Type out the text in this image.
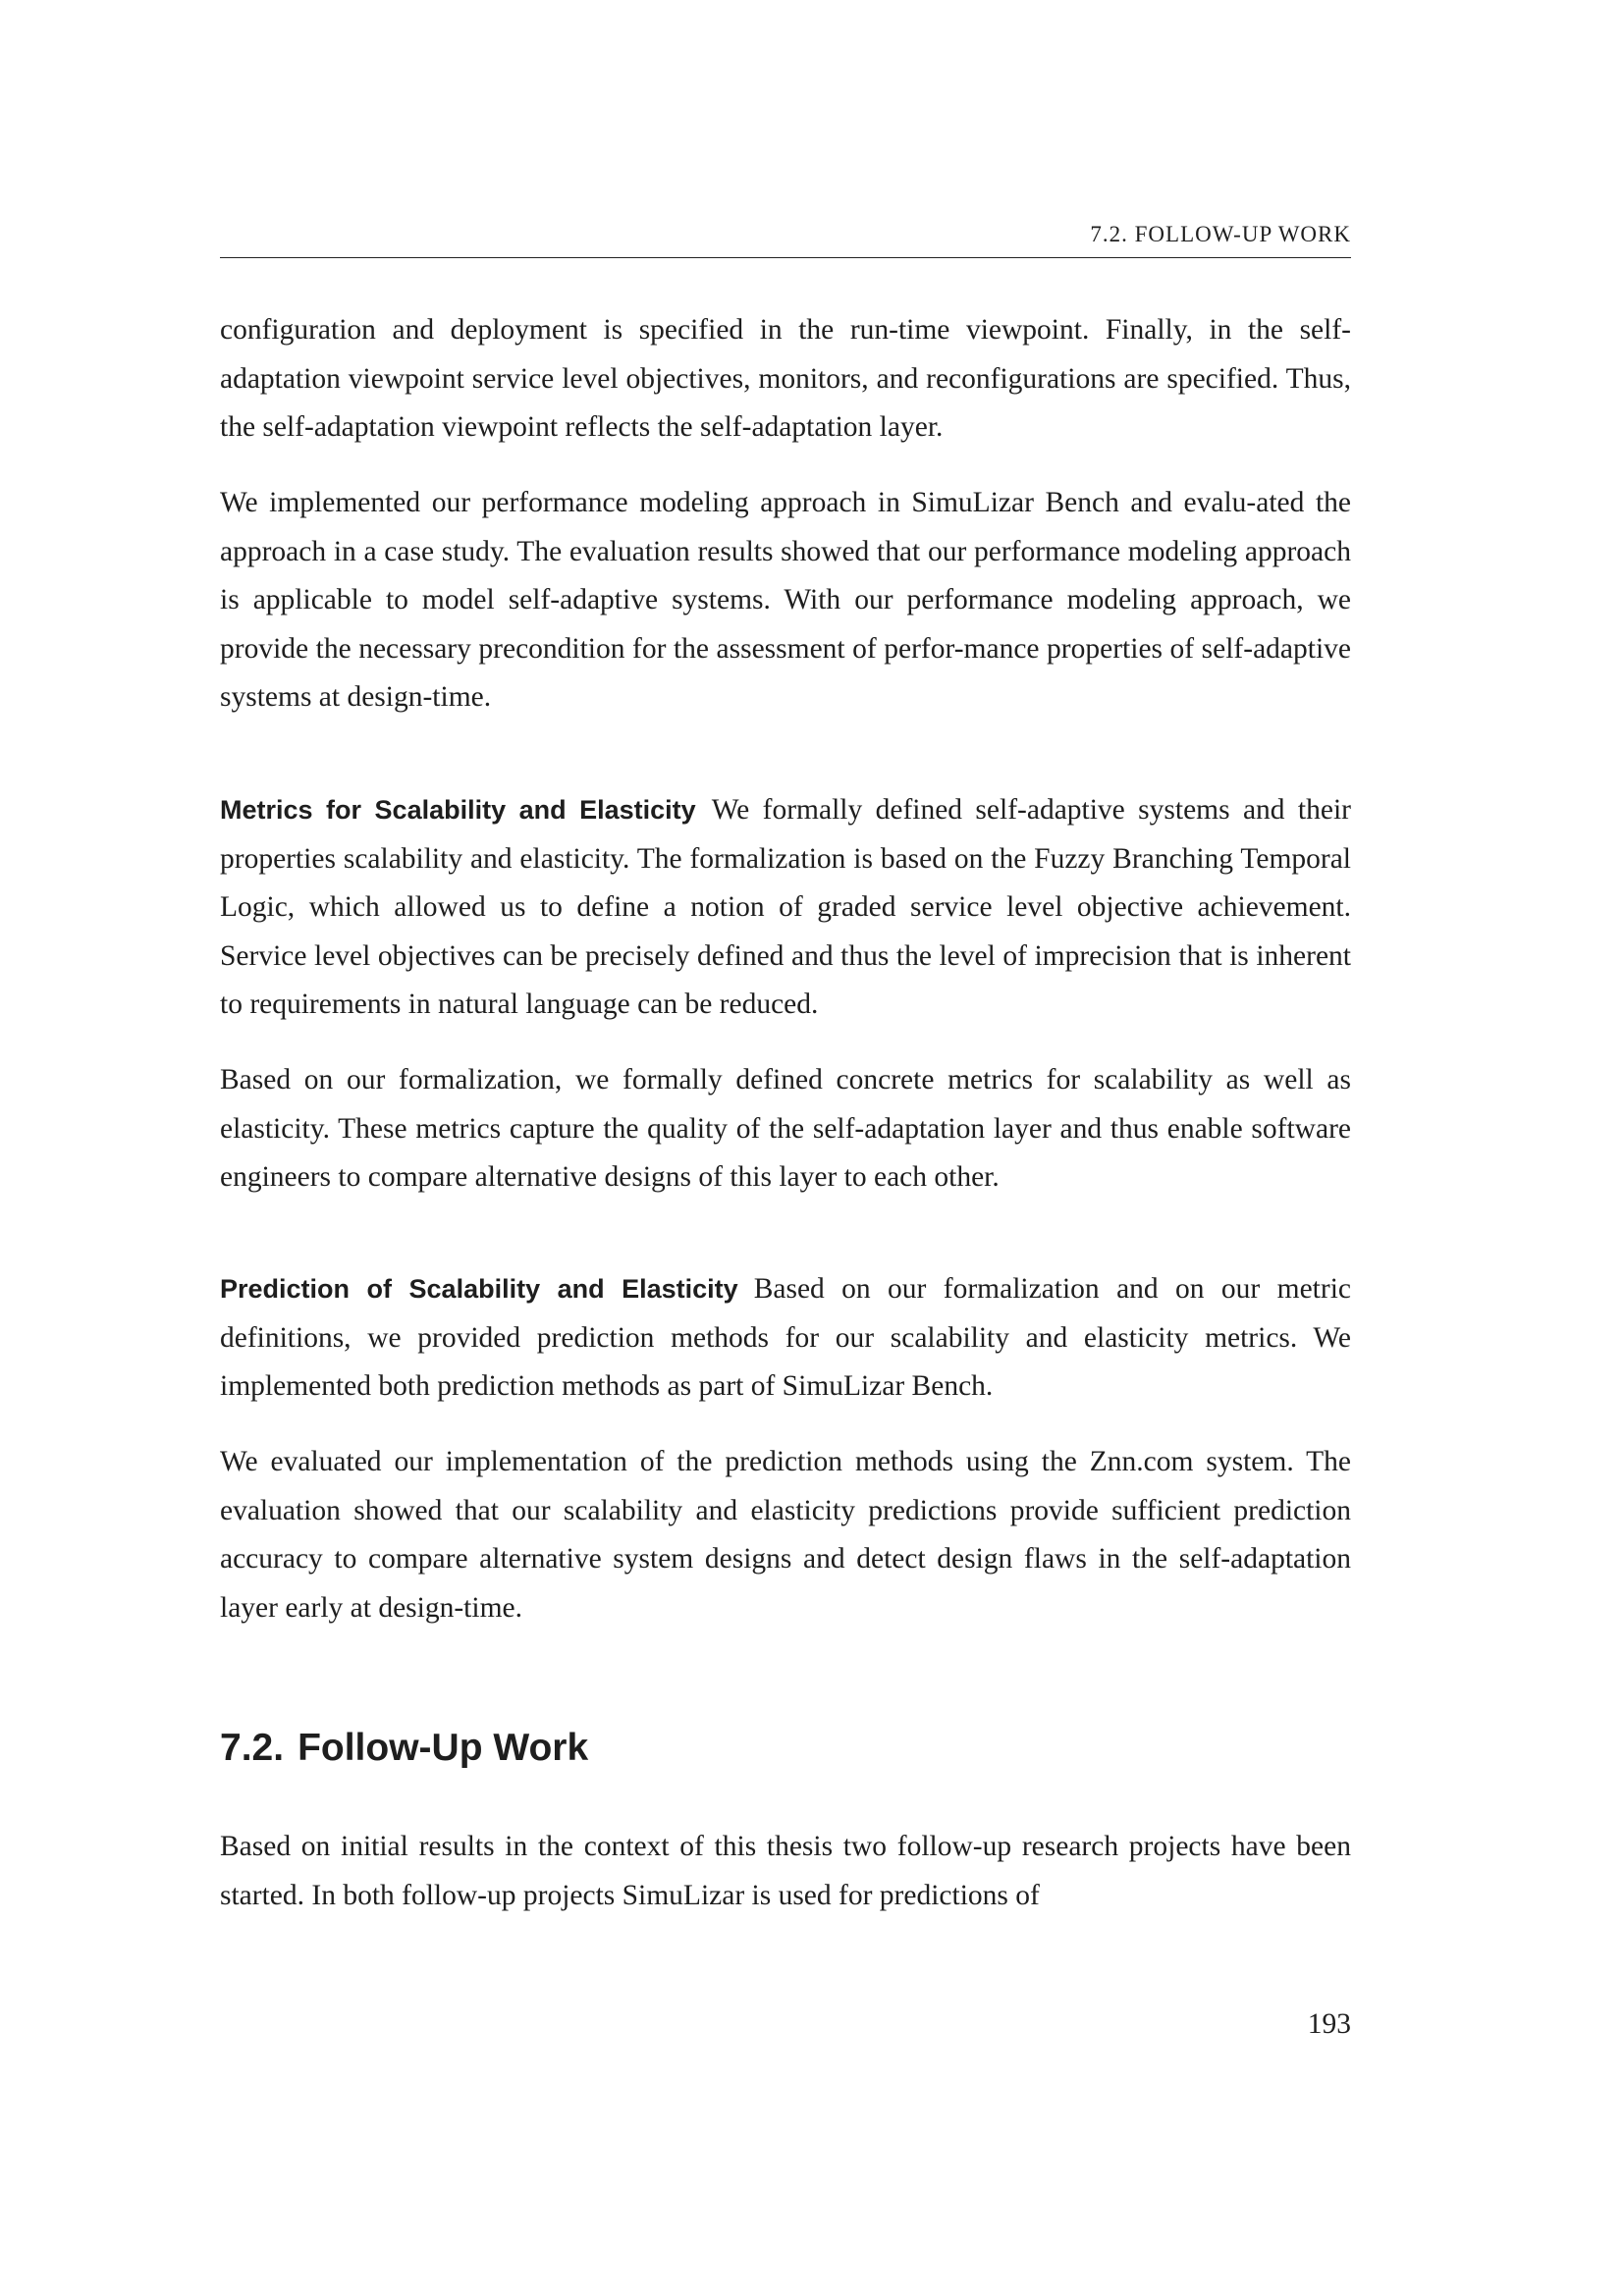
7.2. FOLLOW-UP WORK

configuration and deployment is specified in the run-time viewpoint. Finally, in the self-adaptation viewpoint service level objectives, monitors, and reconfigurations are specified. Thus, the self-adaptation viewpoint reflects the self-adaptation layer.

We implemented our performance modeling approach in SimuLizar Bench and evalu-ated the approach in a case study. The evaluation results showed that our performance modeling approach is applicable to model self-adaptive systems. With our performance modeling approach, we provide the necessary precondition for the assessment of perfor-mance properties of self-adaptive systems at design-time.

Metrics for Scalability and Elasticity We formally defined self-adaptive systems and their properties scalability and elasticity. The formalization is based on the Fuzzy Branching Temporal Logic, which allowed us to define a notion of graded service level objective achievement. Service level objectives can be precisely defined and thus the level of imprecision that is inherent to requirements in natural language can be reduced.

Based on our formalization, we formally defined concrete metrics for scalability as well as elasticity. These metrics capture the quality of the self-adaptation layer and thus enable software engineers to compare alternative designs of this layer to each other.

Prediction of Scalability and Elasticity Based on our formalization and on our metric definitions, we provided prediction methods for our scalability and elasticity metrics. We implemented both prediction methods as part of SimuLizar Bench.

We evaluated our implementation of the prediction methods using the Znn.com system. The evaluation showed that our scalability and elasticity predictions provide sufficient prediction accuracy to compare alternative system designs and detect design flaws in the self-adaptation layer early at design-time.

7.2. Follow-Up Work

Based on initial results in the context of this thesis two follow-up research projects have been started. In both follow-up projects SimuLizar is used for predictions of

193
